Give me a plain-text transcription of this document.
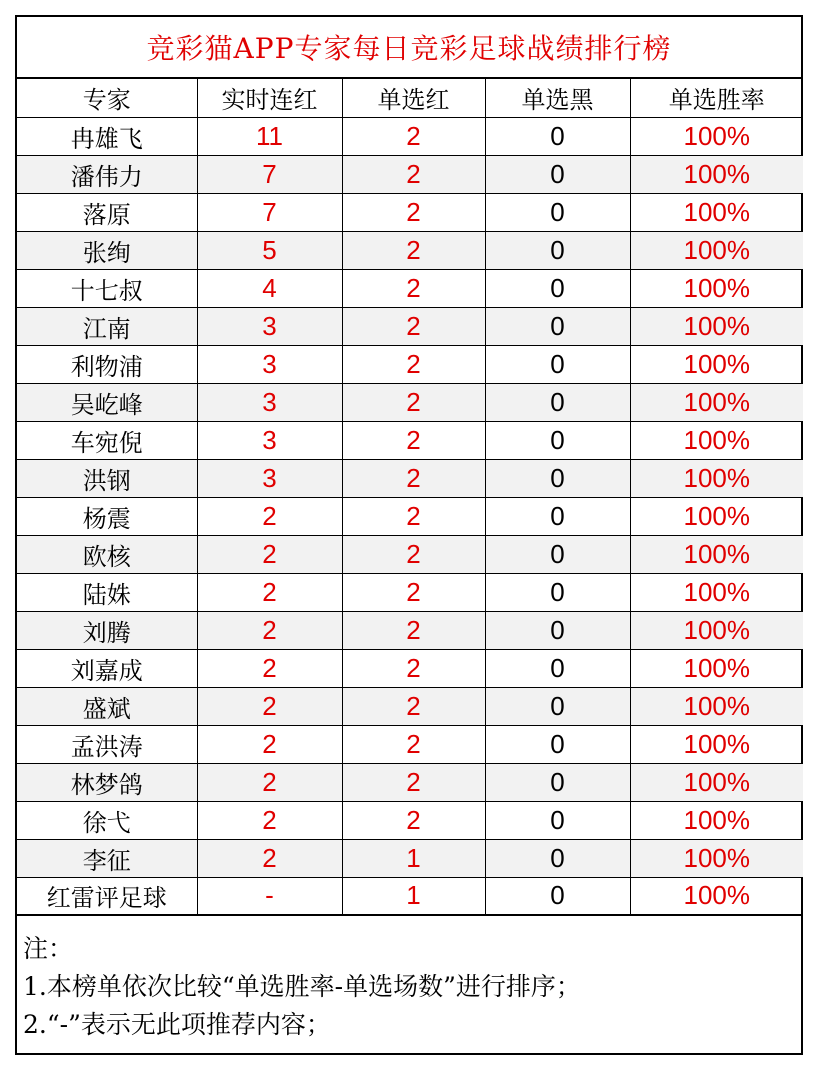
竞彩猫APP专家每日竞彩足球战绩排行榜
专家	实时连红	单选红	单选黑	单选胜率
冉雄飞	11	2	0	100%
潘伟力	7	2	0	100%
落原	7	2	0	100%
张绚	5	2	0	100%
十七叔	4	2	0	100%
江南	3	2	0	100%
利物浦	3	2	0	100%
吴屹峰	3	2	0	100%
车宛倪	3	2	0	100%
洪钢	3	2	0	100%
杨震	2	2	0	100%
欧核	2	2	0	100%
陆姝	2	2	0	100%
刘腾	2	2	0	100%
刘嘉成	2	2	0	100%
盛斌	2	2	0	100%
孟洪涛	2	2	0	100%
林梦鸽	2	2	0	100%
徐弋	2	2	0	100%
李征	2	1	0	100%
红雷评足球	-	1	0	100%
注：
1.本榜单依次比较“单选胜率-单选场数”进行排序；
2.“-”表示无此项推荐内容；
